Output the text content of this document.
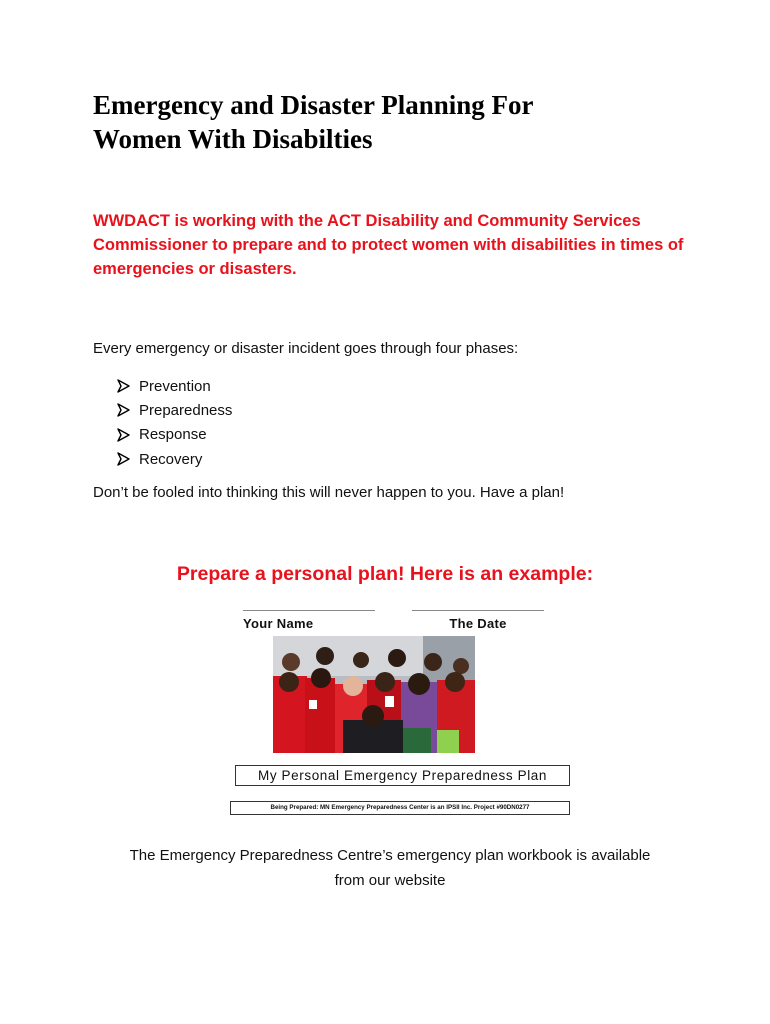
Emergency and Disaster Planning For
Women With Disabilties

WWDACT is working with the ACT Disability and Community Services Commissioner to prepare and to protect women with disabilities in times of emergencies or disasters.

Every emergency or disaster incident goes through four phases:

Prevention
Preparedness
Response
Recovery

Don’t be fooled into thinking this will never happen to you. Have a plan!

Prepare a personal plan! Here is an example:
Your Name	The Date
My Personal Emergency Preparedness Plan
Being Prepared: MN Emergency Preparedness Center is an IPSII Inc. Project #90DN0277

The Emergency Preparedness Centre’s emergency plan workbook is available
from our website
